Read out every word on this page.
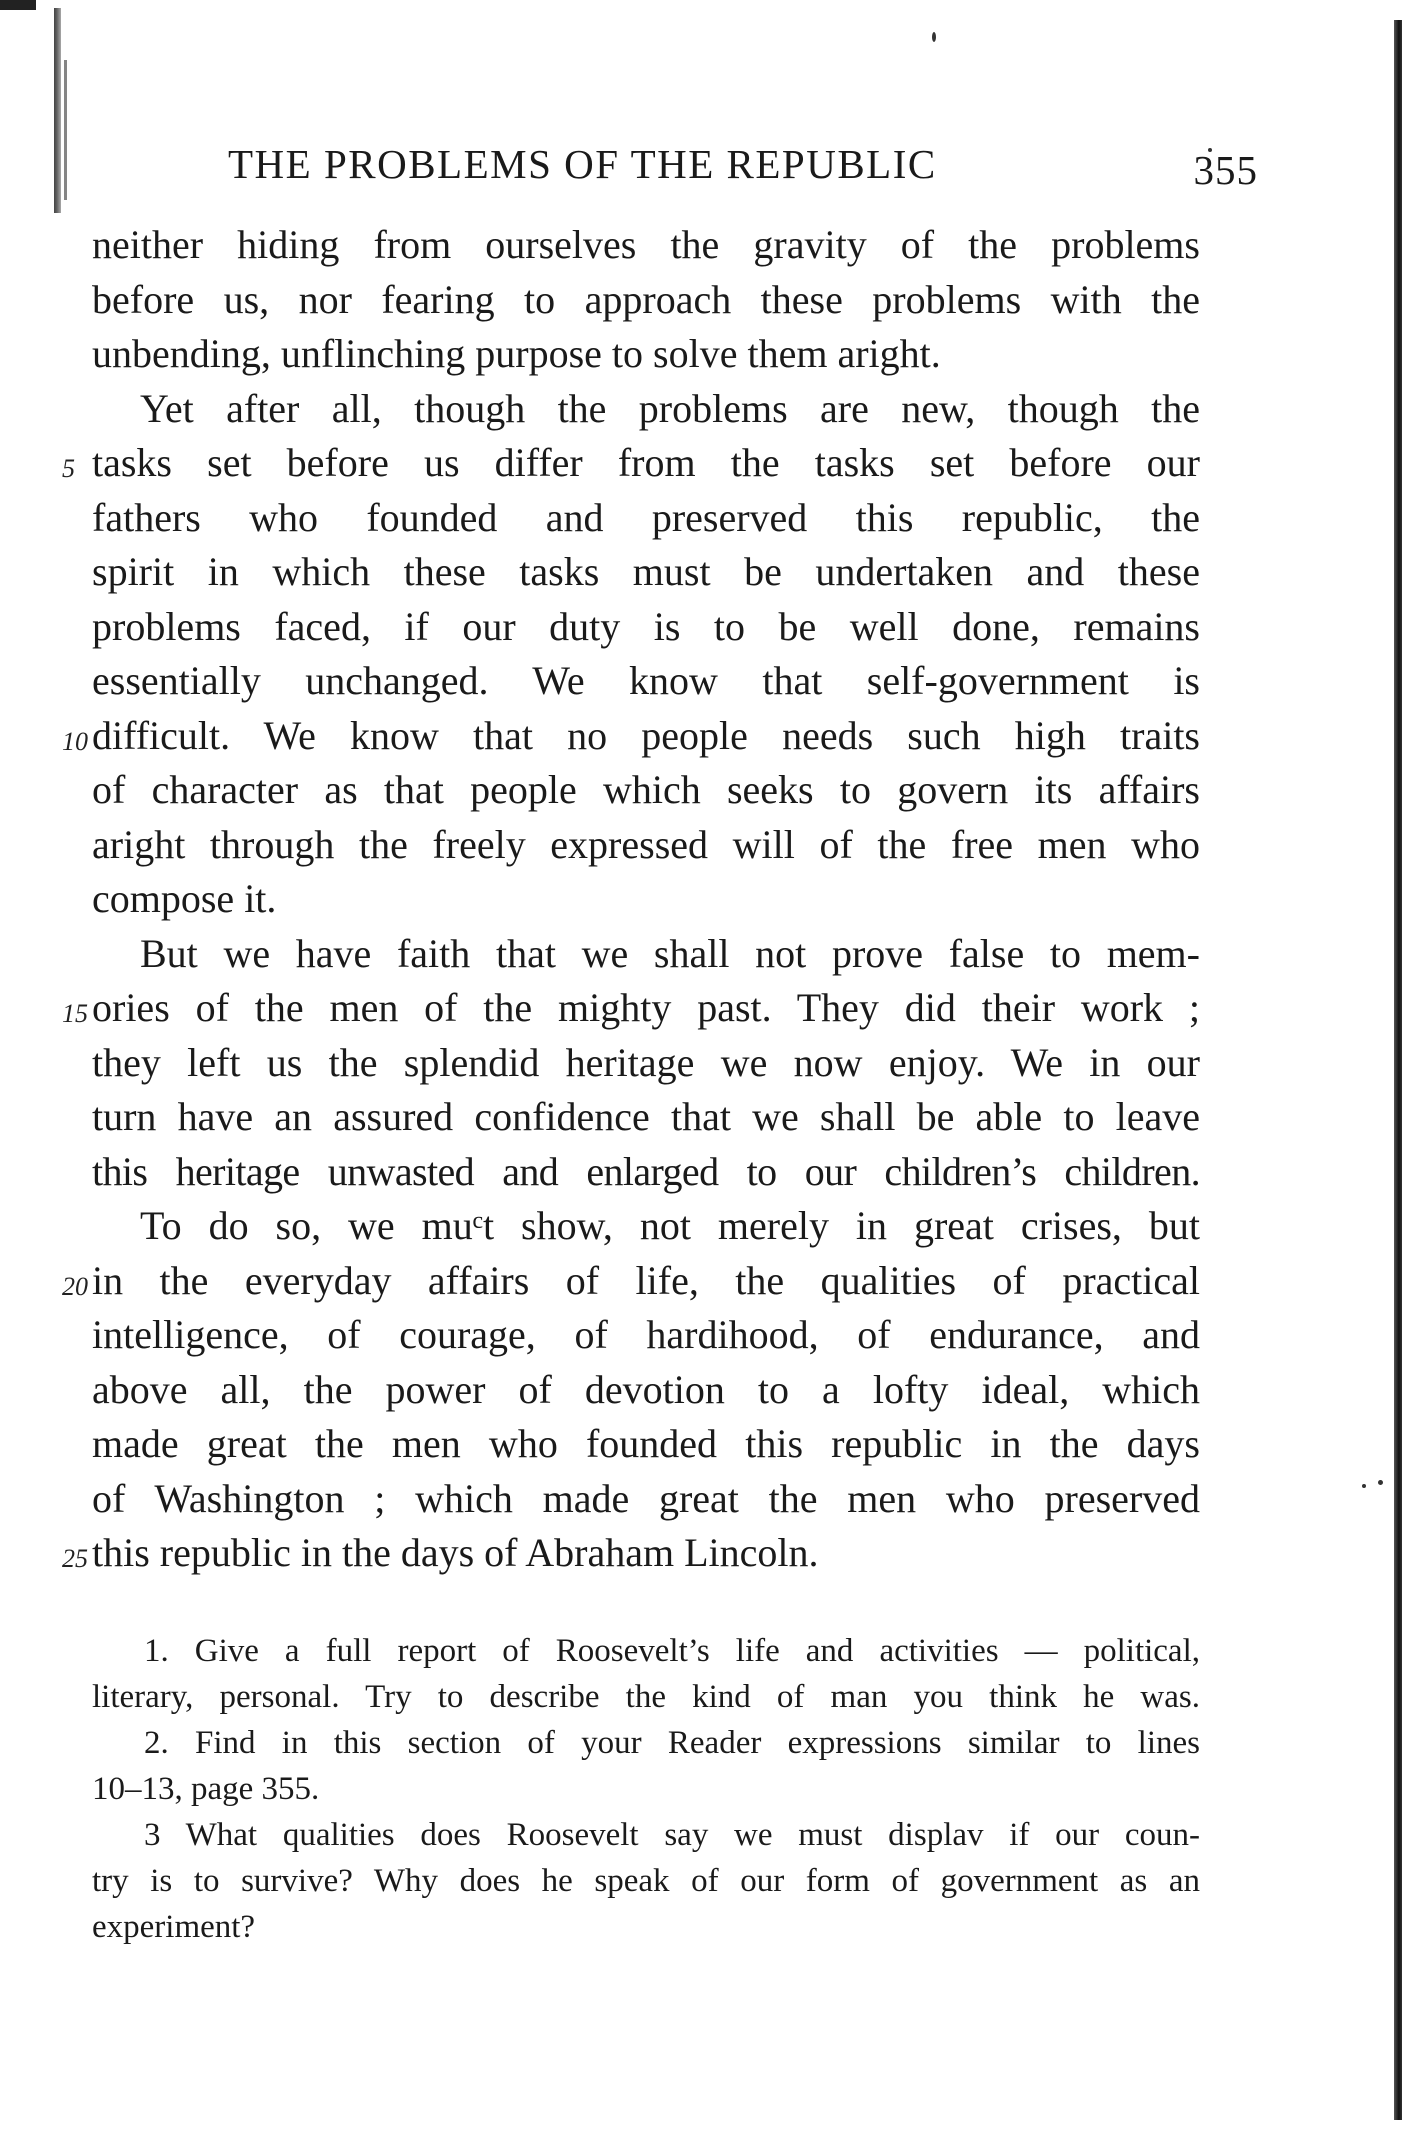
THE PROBLEMS OF THE REPUBLIC	355
neither hiding from ourselves the gravity of the problems
before us, nor fearing to approach these problems with the
unbending, unflinching purpose to solve them aright.
Yet after all, though the problems are new, though the
5 tasks set before us differ from the tasks set before our
fathers who founded and preserved this republic, the
spirit in which these tasks must be undertaken and these
problems faced, if our duty is to be well done, remains
essentially unchanged. We know that self-government is
10 difficult. We know that no people needs such high traits
of character as that people which seeks to govern its affairs
aright through the freely expressed will of the free men who
compose it.
But we have faith that we shall not prove false to mem-
15 ories of the men of the mighty past. They did their work ;
they left us the splendid heritage we now enjoy. We in our
turn have an assured confidence that we shall be able to leave
this heritage unwasted and enlarged to our children’s children.
To do so, we muᶜt show, not merely in great crises, but
20 in the everyday affairs of life, the qualities of practical
intelligence, of courage, of hardihood, of endurance, and
above all, the power of devotion to a lofty ideal, which
made great the men who founded this republic in the days
of Washington ; which made great the men who preserved
25 this republic in the days of Abraham Lincoln.
1. Give a full report of Roosevelt’s life and activities — political,
literary, personal. Try to describe the kind of man you think he was.
2. Find in this section of your Reader expressions similar to lines
10–13, page 355.
3 What qualities does Roosevelt say we must displav if our coun-
try is to survive? Why does he speak of our form of government as an
experiment?
